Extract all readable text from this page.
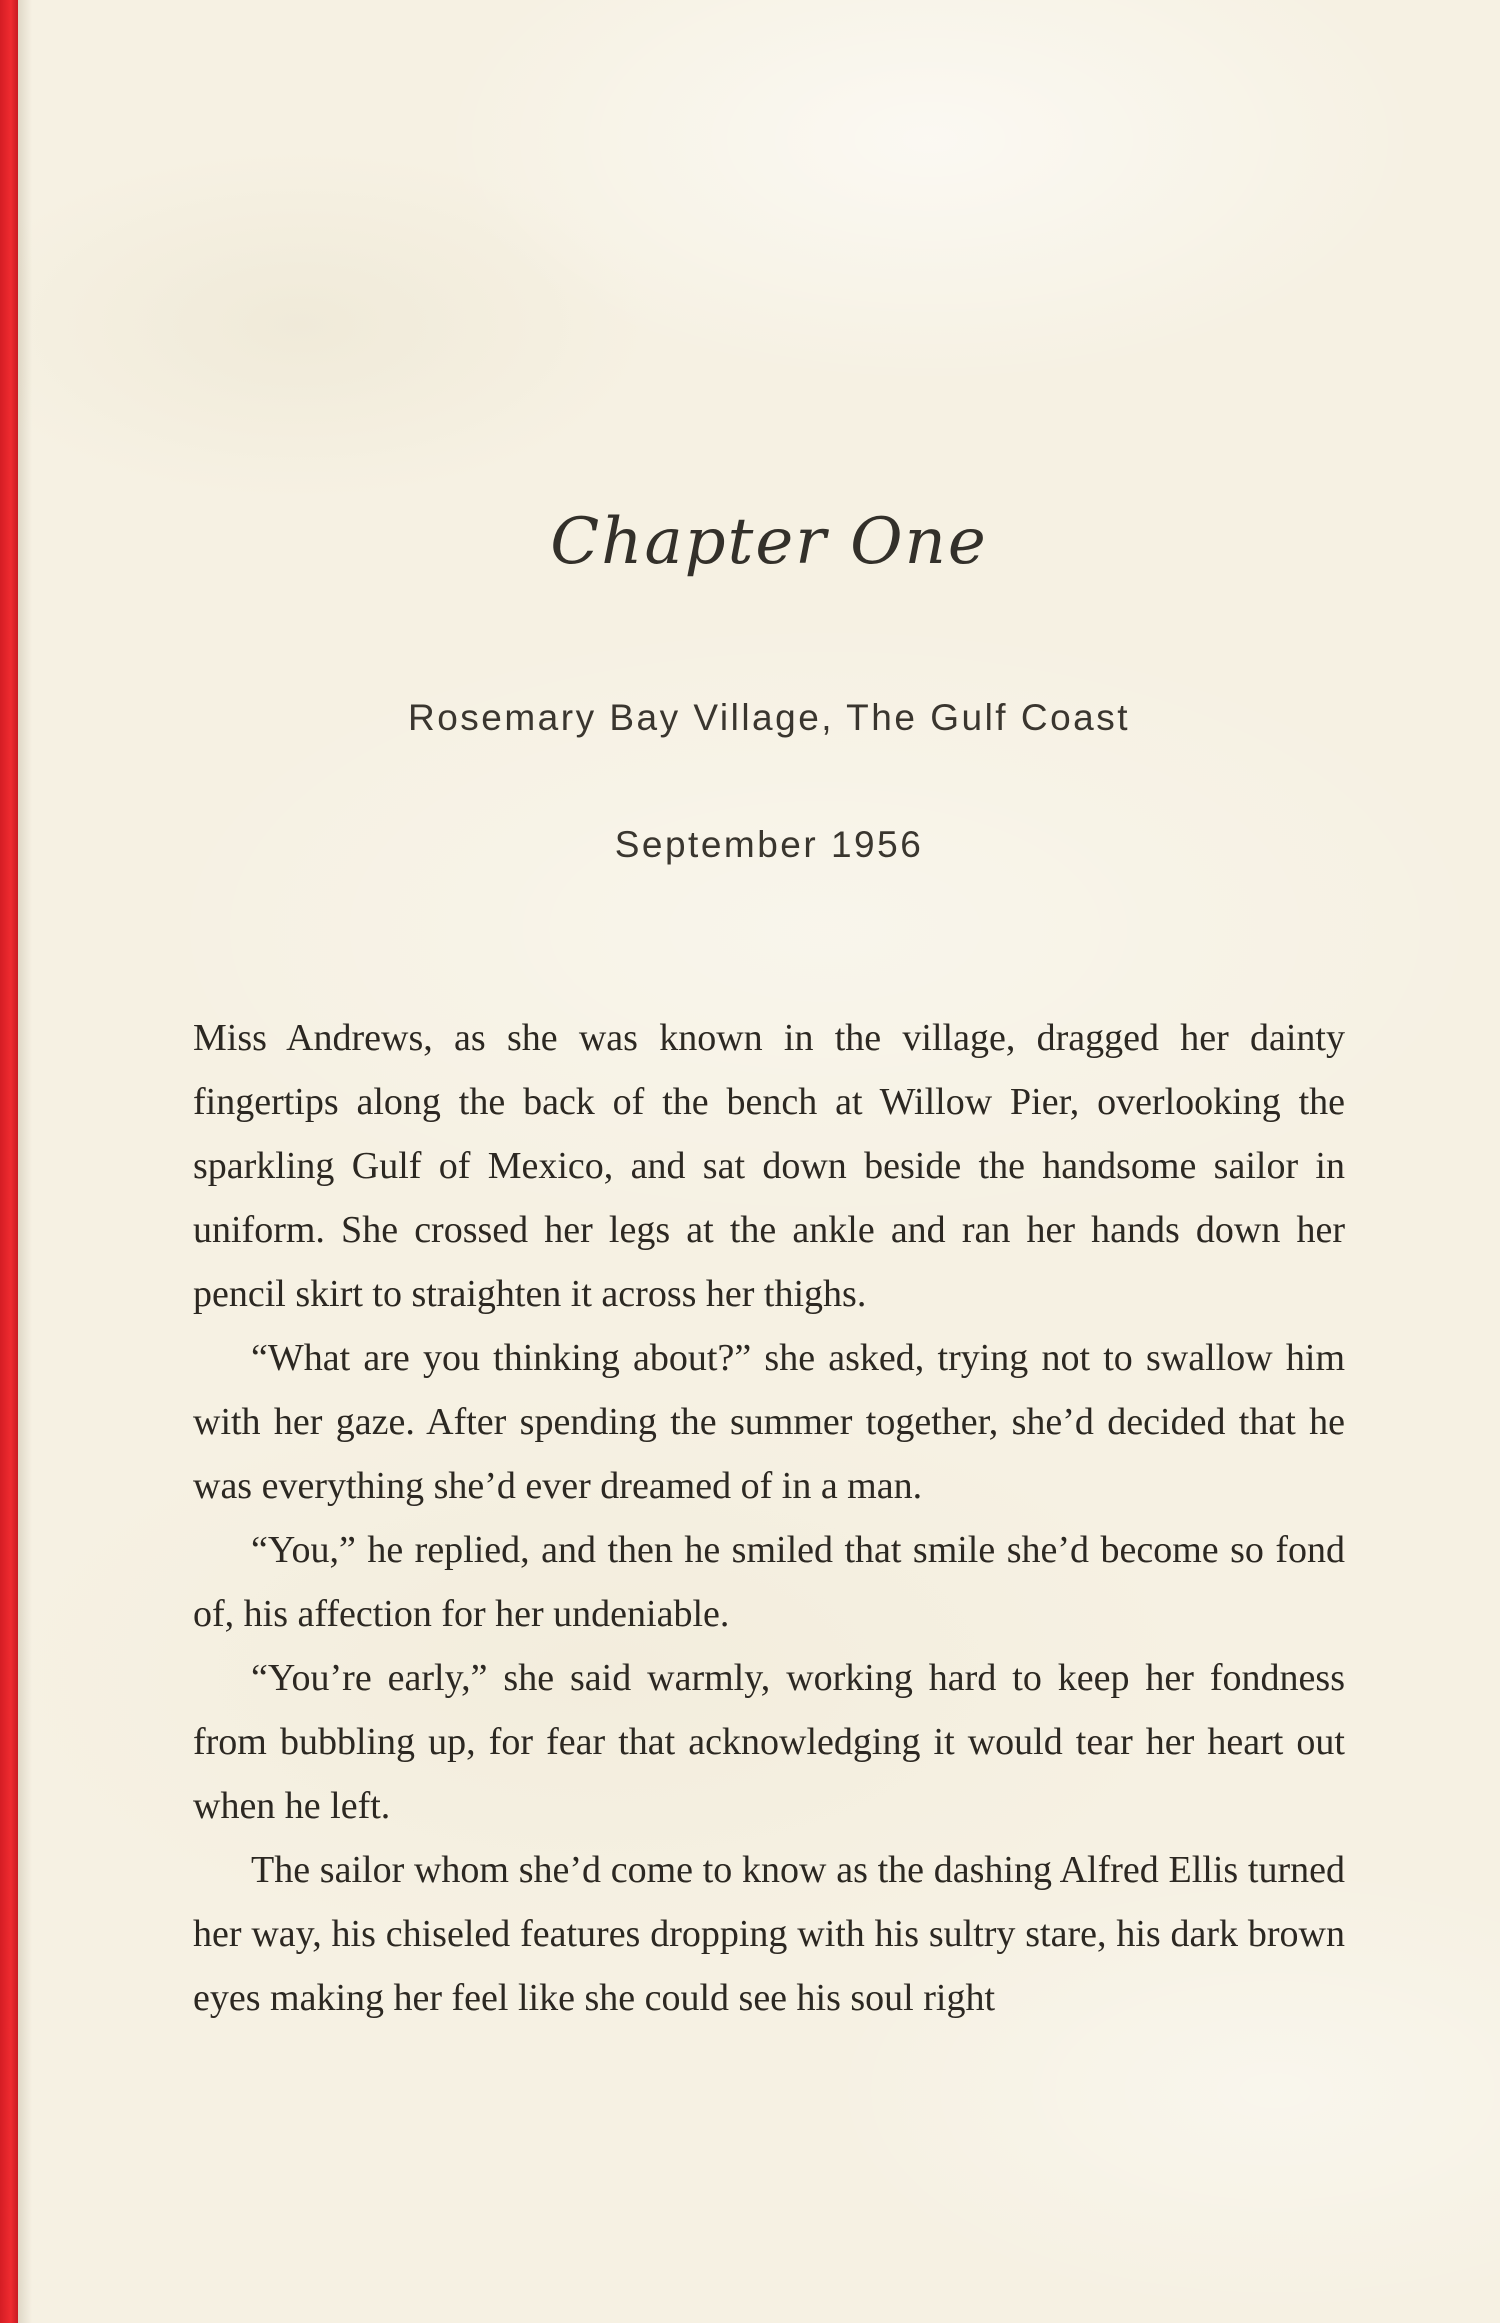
Chapter One
Rosemary Bay Village, The Gulf Coast
September 1956

Miss Andrews, as she was known in the village, dragged her dainty fingertips along the back of the bench at Willow Pier, overlooking the sparkling Gulf of Mexico, and sat down beside the handsome sailor in uniform. She crossed her legs at the ankle and ran her hands down her pencil skirt to straighten it across her thighs.

“What are you thinking about?” she asked, trying not to swallow him with her gaze. After spending the summer together, she’d decided that he was everything she’d ever dreamed of in a man.

“You,” he replied, and then he smiled that smile she’d become so fond of, his affection for her undeniable.

“You’re early,” she said warmly, working hard to keep her fondness from bubbling up, for fear that acknowledging it would tear her heart out when he left.

The sailor whom she’d come to know as the dashing Alfred Ellis turned her way, his chiseled features dropping with his sultry stare, his dark brown eyes making her feel like she could see his soul right
